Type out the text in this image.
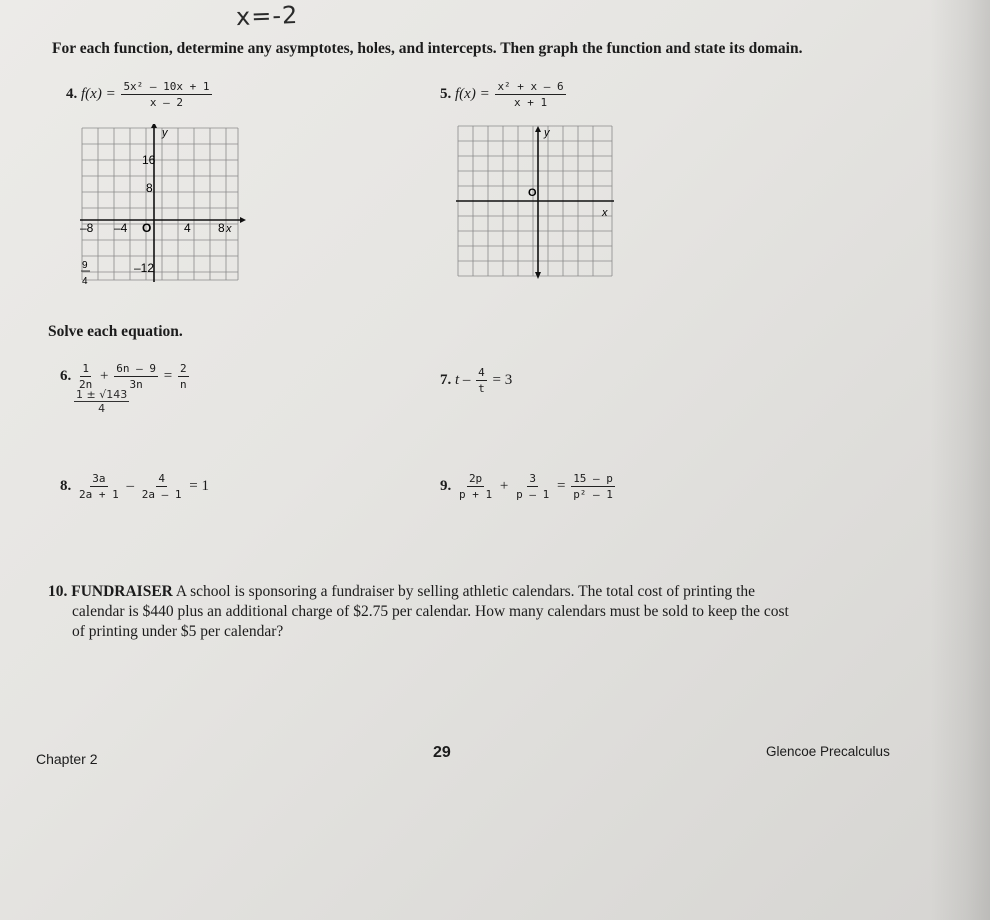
x=-2
For each function, determine any asymptotes, holes, and intercepts. Then graph the function and state its domain.
4. $f(x) = \frac{\text{5x² – 10x + 1}}{x - 2}$	5. $f(x) = \frac{\text{x² + x – 6}}{x + 1}$
y
x
16
8
–8 –4 O	4 8
–12
9
4
y
x
O
Solve each equation.
6. $\frac{1}{2n} + \frac{6n - 9}{3n} = \frac{2}{n}$
1 ± √143
4
7. $t - \frac{4}{t} = 3$
8. $\frac{3a}{2a + 1} - \frac{4}{2a - 1} = 1$	9. $\frac{2p}{p + 1} + \frac{3}{p - 1} = \frac{15 - p}{\text{p² – 1}}$
10. FUNDRAISER A school is sponsoring a fundraiser by selling athletic calendars. The total cost of printing the
calendar is $440 plus an additional charge of $2.75 per calendar. How many calendars must be sold to keep the cost
of printing under $5 per calendar?
Chapter 2	29	Glencoe Precalculus
